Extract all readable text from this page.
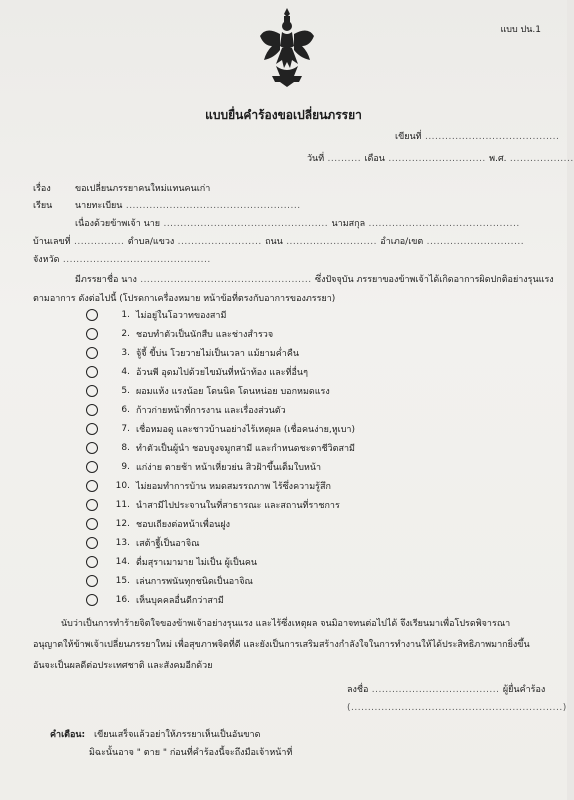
แบบ ปน.1
แบบยื่นคำร้องขอเปลี่ยนภรรยา
เขียนที่ ........................................
วันที่ .......... เดือน ............................. พ.ศ. ...................
เรื่อง	ขอเปลี่ยนภรรยาคนใหม่แทนคนเก่า
เรียน	นายทะเบียน ....................................................
เนื่องด้วยข้าพเจ้า นาย ................................................. นามสกุล .............................................
บ้านเลขที่ ............... ตำบล/แขวง ......................... ถนน ........................... อำเภอ/เขต .............................
จังหวัด ............................................
มีภรรยาชื่อ นาง ................................................... ซึ่งปัจจุบัน ภรรยาของข้าพเจ้าได้เกิดอาการผิดปกติอย่างรุนแรง
ตามอาการ ดังต่อไปนี้ (โปรดกาเครื่องหมาย หน้าข้อที่ตรงกับอาการของภรรยา)
1. ไม่อยู่ในโอวาทของสามี
2. ชอบทำตัวเป็นนักสืบ และช่างสำรวจ
3. จู้จี้ ขี้บ่น โวยวายไม่เป็นเวลา แม้ยามค่ำคืน
4. อ้วนพี อุดมไปด้วยไขมันที่หน้าท้อง และที่อื่นๆ
5. ผอมแห้ง แรงน้อย โดนนิด โดนหน่อย บอกหมดแรง
6. ก้าวก่ายหน้าที่การงาน และเรื่องส่วนตัว
7. เชื่อหมอดู และชาวบ้านอย่างไร้เหตุผล (เชื่อคนง่าย,หูเบา)
8. ทำตัวเป็นผู้นำ ชอบจูงจมูกสามี และกำหนดชะตาชีวิตสามี
9. แก่ง่าย ตายช้า หน้าเหี่ยวย่น สิวฝ้าขึ้นเต็มใบหน้า
10. ไม่ยอมทำการบ้าน หมดสมรรถภาพ ไร้ซึ่งความรู้สึก
11. นำสามีไปประจานในที่สาธารณะ และสถานที่ราชการ
12. ชอบเถียงต่อหน้าเพื่อนฝูง
13. เสต้าฐี้เป็นอาจิณ
14. ดื่มสุราเมามาย ไม่เป็น ผู้เป็นคน
15. เล่นการพนันทุกชนิดเป็นอาจิณ
16. เห็นบุคคลอื่นดีกว่าสามี
นับว่าเป็นการทำร้ายจิตใจของข้าพเจ้าอย่างรุนแรง และไร้ซึ่งเหตุผล จนมิอาจทนต่อไปได้ จึงเรียนมาเพื่อโปรดพิจารณา อนุญาตให้ข้าพเจ้าเปลี่ยนภรรยาใหม่ เพื่อสุขภาพจิตที่ดี และยังเป็นการเสริมสร้างกำลังใจในการทำงานให้ได้ประสิทธิภาพมากยิ่งขึ้น อันจะเป็นผลดีต่อประเทศชาติ และสังคมอีกด้วย
ลงชื่อ ...................................... ผู้ยื่นคำร้อง
(...............................................................)
คำเตือน: เขียนเสร็จแล้วอย่าให้ภรรยาเห็นเป็นอันขาด
มิฉะนั้นอาจ " ตาย " ก่อนที่คำร้องนี้จะถึงมือเจ้าหน้าที่
